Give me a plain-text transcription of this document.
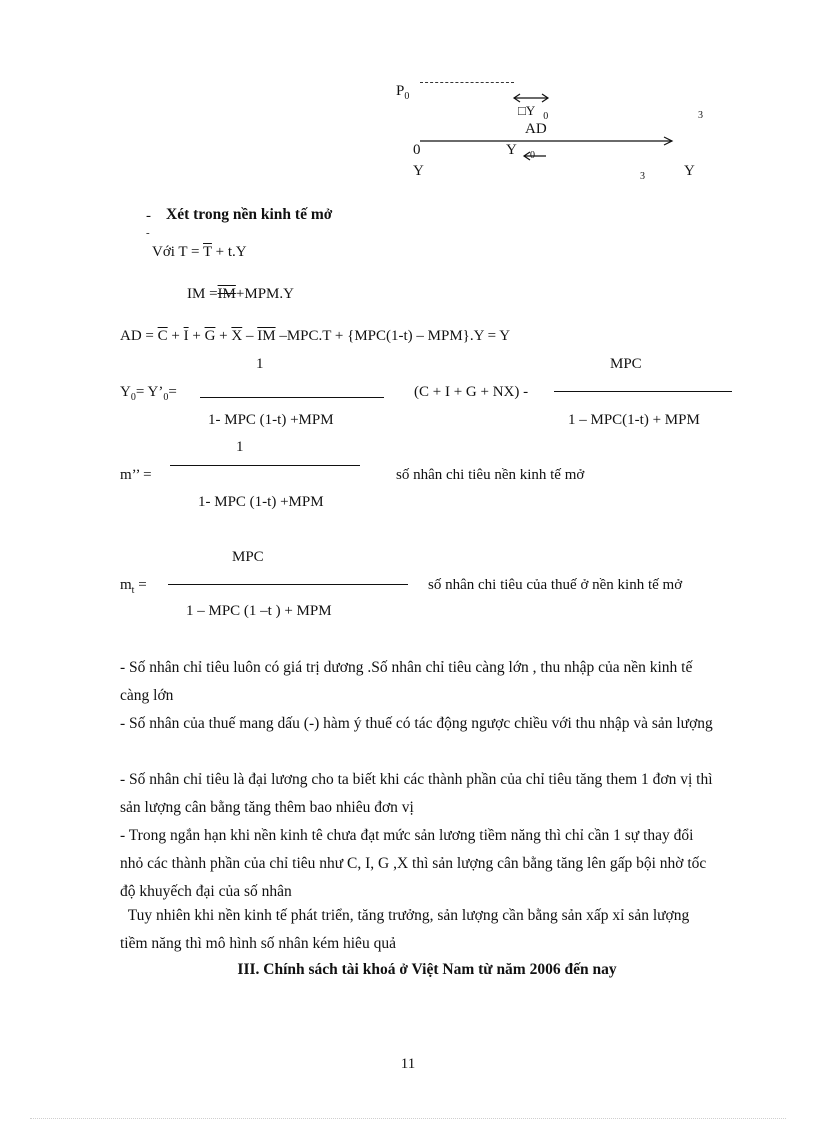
$P_0$
□Y $_0$	3
AD
0	Y 0
Y	3	Y
- Xét trong nền kinh tế mở
-
Với $T = \overline{T} + t.Y$
IM =IM+MPM.Y
AD = $\overline{C} + \overline{I} + \overline{G} + \overline{X} - \overline{IM}$ –MPC.T + {MPC(1-t) – MPM}.Y = Y
1
$Y_0=$ $Y’_0=$
1- MPC (1-t) +MPM
(C + I + G + NX) -
MPC
1 – MPC(1-t) + MPM
1
m’’ =
1- MPC (1-t) +MPM
số nhân chi tiêu nền kinh tế mở
MPC
$m_t$ =
1 – MPC (1 –t ) + MPM
số nhân chi tiêu của thuế ở nền kinh tế mở
- Số nhân chỉ tiêu luôn có giá trị dương .Số nhân chỉ tiêu càng lớn , thu nhập của nền kinh tế càng lớn
- Số nhân của thuế mang dấu (-) hàm ý thuế có tác động ngược chiều với thu nhập và sản lượng
- Số nhân chỉ tiêu là đại lương cho ta biết khi các thành phần của chỉ tiêu tăng them 1 đơn vị thì sản lượng cân bằng tăng thêm bao nhiêu đơn vị
- Trong ngắn hạn khi nền kinh tê chưa đạt mức sản lương tiềm năng thì chỉ cần 1 sự thay đổi nhỏ các thành phần của chỉ tiêu như C, I, G ,X thì sản lượng cân bằng tăng lên gấp bội nhờ tốc độ khuyếch đại của số nhân
Tuy nhiên khi nền kinh tế phát triển, tăng trưởng, sản lượng cần bằng sản xấp xỉ sản lượng tiềm năng thì mô hình số nhân kém hiêu quả
III. Chính sách tài khoá ở Việt Nam từ năm 2006 đến nay
11
